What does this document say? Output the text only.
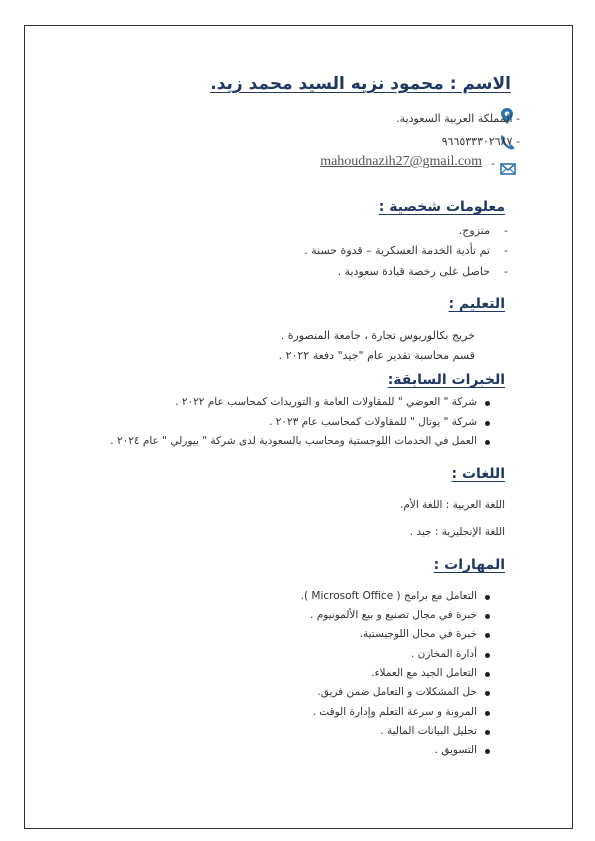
الاسم : محمود نزيه السيد محمد زيد.
- المملكة العربية السعودية.
- ٩٦٦٥٣٣٣٠٢٦٨٧
-
mahoudnazih27@gmail.com
معلومات شخصية :
-
متزوج.
-
تم تأدية الخدمة العسكرية – قدوة حسنة .
-
حاصل على رخصة قيادة سعودية .
التعليم :
خريج بكالوريوس تجارة ، جامعة المنصورة .
قسم محاسبة تقدير عام "جيد" دفعة ٢٠٢٢ .
الخبرات السابقة:
شركة " العوضي " للمقاولات العامة و التوريدات كمحاسب عام ٢٠٢٢ .
شركة " يوتال " للمقاولات كمحاسب عام ٢٠٢٣ .
العمل في الخدمات اللوجستية ومحاسب بالسعودية لدى شركة " بيورلي " عام ٢٠٢٤ .
اللغات :
اللغة العربية : اللغة الأم.
اللغة الإنجليزية : جيد .
المهارات :
التعامل مع برامج ( Microsoft Office ).
خبرة في مجال تصنيع و بيع الألمونيوم .
خبرة في مجال اللوجيستية.
أدارة المخازن .
التعامل الجيد مع العملاء.
حل المشكلات و التعامل ضمن فريق.
المرونة و سرعة التعلم وإدارة الوقت .
تحليل البيانات المالية .
التسويق .
